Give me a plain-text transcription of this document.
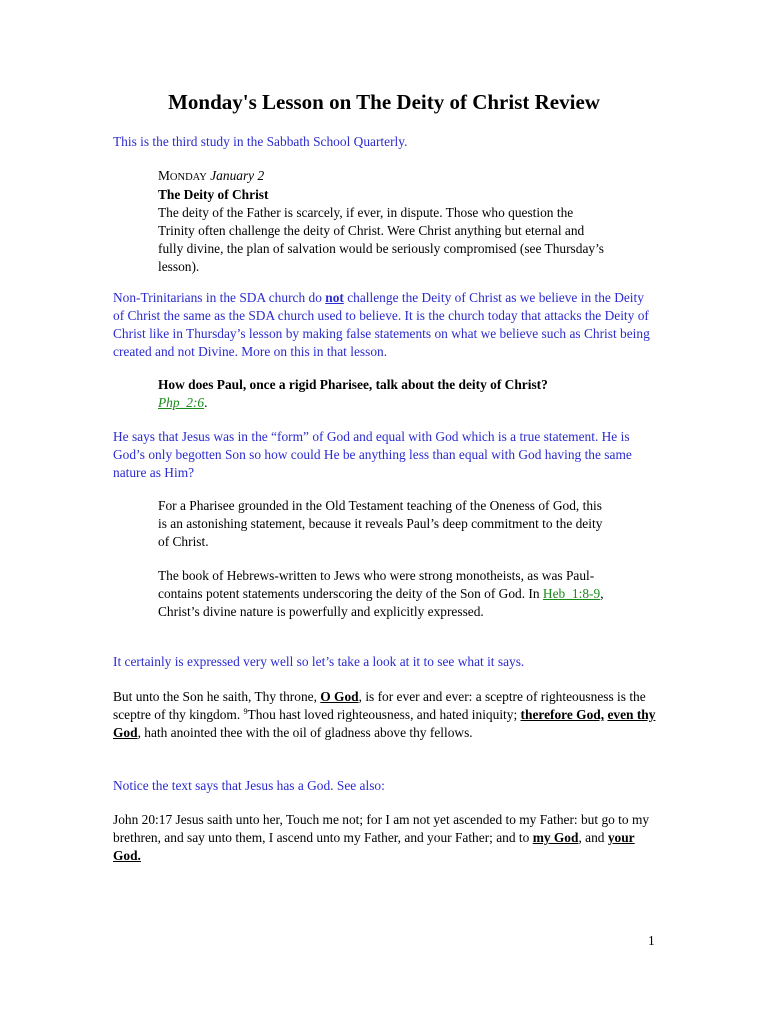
Monday's Lesson on The Deity of Christ Review

This is the third study in the Sabbath School Quarterly.

MONDAY January 2

The Deity of Christ

The deity of the Father is scarcely, if ever, in dispute. Those who question the Trinity often challenge the deity of Christ. Were Christ anything but eternal and fully divine, the plan of salvation would be seriously compromised (see Thursday’s lesson).

Non-Trinitarians in the SDA church do not challenge the Deity of Christ as we believe in the Deity of Christ the same as the SDA church used to believe. It is the church today that attacks the Deity of Christ like in Thursday’s lesson by making false statements on what we believe such as Christ being created and not Divine. More on this in that lesson.

How does Paul, once a rigid Pharisee, talk about the deity of Christ?
Php_2:6.

He says that Jesus was in the “form” of God and equal with God which is a true statement. He is God’s only begotten Son so how could He be anything less than equal with God having the same nature as Him?

For a Pharisee grounded in the Old Testament teaching of the Oneness of God, this is an astonishing statement, because it reveals Paul’s deep commitment to the deity of Christ.

The book of Hebrews-written to Jews who were strong monotheists, as was Paul-contains potent statements underscoring the deity of the Son of God. In Heb_1:8-9, Christ’s divine nature is powerfully and explicitly expressed.

It certainly is expressed very well so let’s take a look at it to see what it says.

But unto the Son he saith, Thy throne, O God, is for ever and ever: a sceptre of righteousness is the sceptre of thy kingdom. $^9$Thou hast loved righteousness, and hated iniquity; therefore God, even thy God, hath anointed thee with the oil of gladness above thy fellows.

Notice the text says that Jesus has a God. See also:

John 20:17 Jesus saith unto her, Touch me not; for I am not yet ascended to my Father: but go to my brethren, and say unto them, I ascend unto my Father, and your Father; and to my God, and your God.

1
